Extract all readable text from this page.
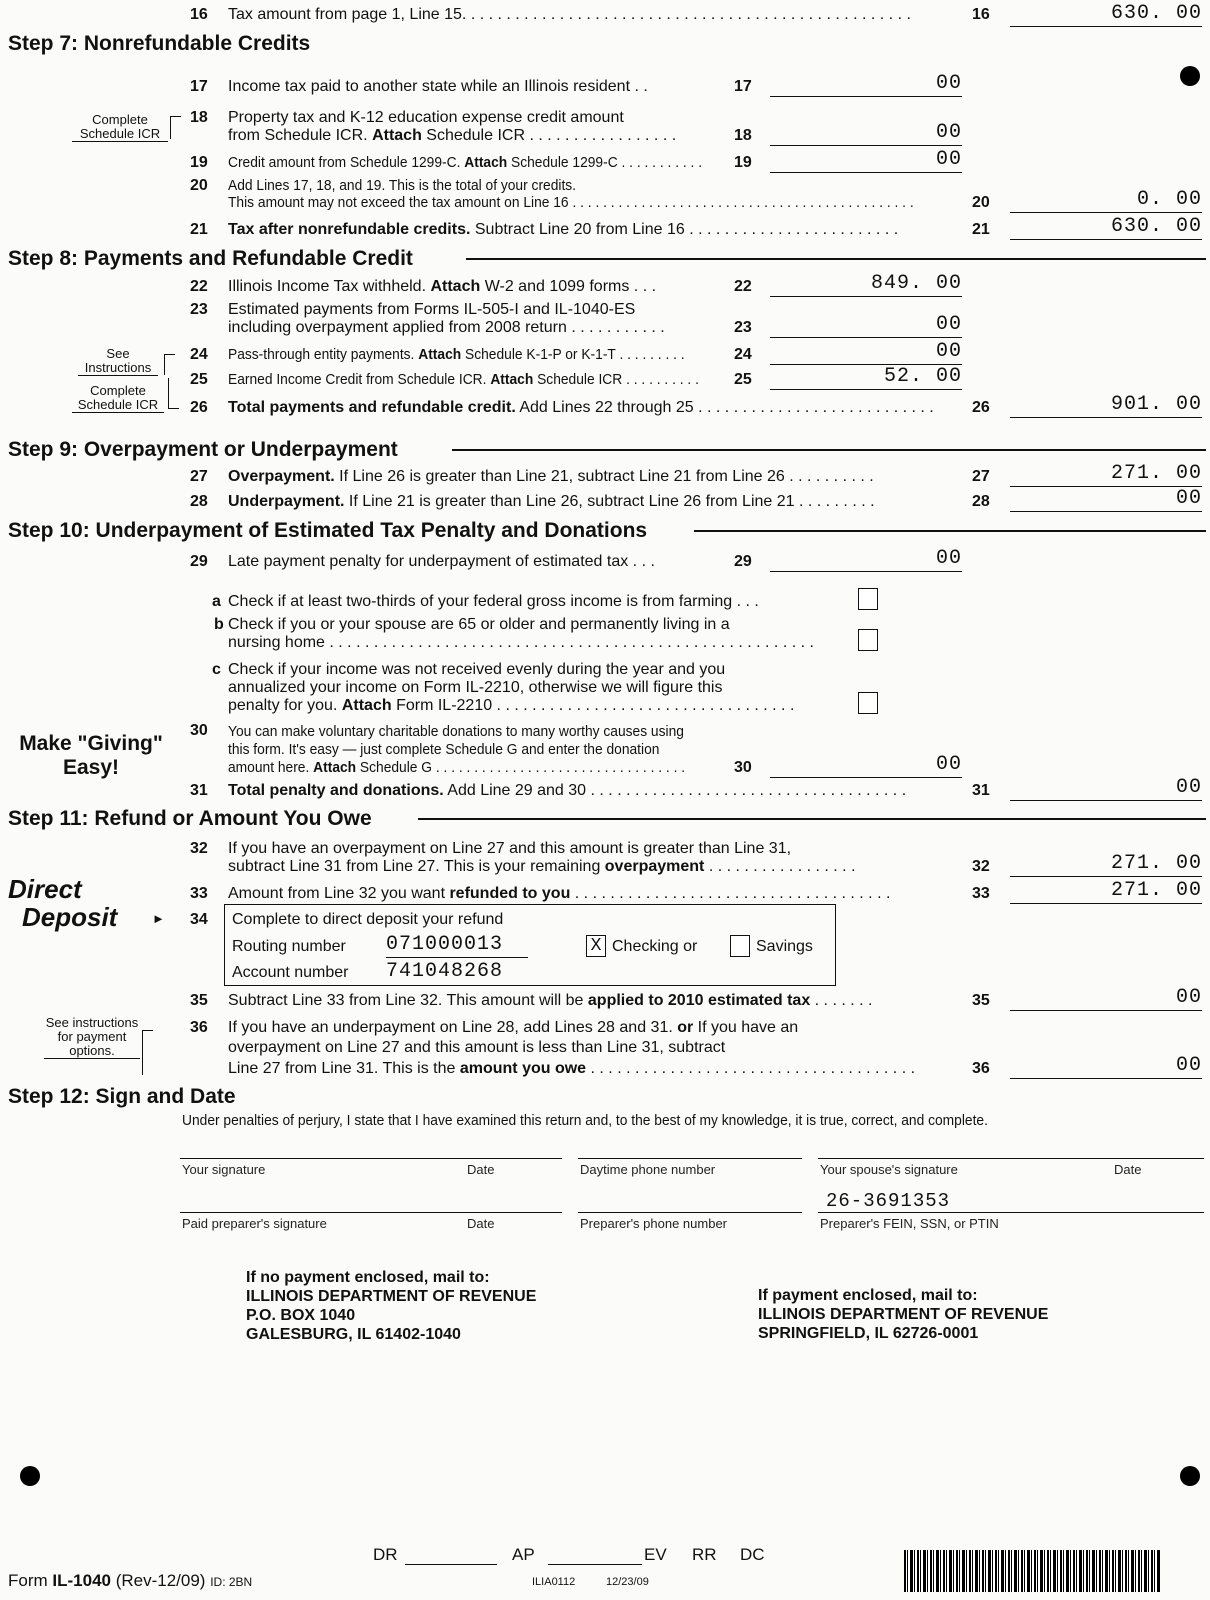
16 Tax amount from page 1, Line 15. . . . . . . . . . . . . . . . . . . . . . . . . . . . . . . . . . . . . . . . . . . . . . . . . . .	16	630. 00
Step 7: Nonrefundable Credits
17 Income tax paid to another state while an Illinois resident . .	17	00
Complete Schedule ICR
18 Property tax and K-12 education expense credit amount
from Schedule ICR. Attach Schedule ICR . . . . . . . . . . . . . . . . .	18	00
19 Credit amount from Schedule 1299-C. Attach Schedule 1299-C . . . . . . . . . . . 19	00
20 Add Lines 17, 18, and 19. This is the total of your credits.
This amount may not exceed the tax amount on Line 16 . . . . . . . . . . . . . . . . . . . . . . . . . . . . . . . . . . . . . . . . . . . . .	20	0. 00
21 Tax after nonrefundable credits. Subtract Line 20 from Line 16 . . . . . . . . . . . . . . . . . . . . . . . .	21	630. 00
Step 8: Payments and Refundable Credit
22 Illinois Income Tax withheld. Attach W-2 and 1099 forms . . .	22	849. 00
23 Estimated payments from Forms IL-505-I and IL-1040-ES
including overpayment applied from 2008 return . . . . . . . . . . .	23	00
See Instructions
24 Pass-through entity payments. Attach Schedule K-1-P or K-1-T . . . . . . . . .	24	00
Complete Schedule ICR
25 Earned Income Credit from Schedule ICR. Attach Schedule ICR . . . . . . . . . . 25	52. 00
26 Total payments and refundable credit. Add Lines 22 through 25 . . . . . . . . . . . . . . . . . . . . . . . . . . . 26	901. 00
Step 9: Overpayment or Underpayment
27 Overpayment. If Line 26 is greater than Line 21, subtract Line 21 from Line 26 . . . . . . . . . .	27	271. 00
28 Underpayment. If Line 21 is greater than Line 26, subtract Line 26 from Line 21 . . . . . . . . .	28	00
Step 10: Underpayment of Estimated Tax Penalty and Donations
29 Late payment penalty for underpayment of estimated tax . . .	29	00
a Check if at least two-thirds of your federal gross income is from farming . . .
b Check if you or your spouse are 65 or older and permanently living in a
nursing home . . . . . . . . . . . . . . . . . . . . . . . . . . . . . . . . . . . . . . . . . . . . . . . . . . . . . . .
c Check if your income was not received evenly during the year and you
annualized your income on Form IL-2210, otherwise we will figure this
penalty for you. Attach Form IL-2210 . . . . . . . . . . . . . . . . . . . . . . . . . . . . . . . . . .
Make "Giving" Easy!
30 You can make voluntary charitable donations to many worthy causes using
this form. It's easy — just complete Schedule G and enter the donation
amount here. Attach Schedule G . . . . . . . . . . . . . . . . . . . . . . . . . . . . . . . . .	30	00
31 Total penalty and donations. Add Line 29 and 30 . . . . . . . . . . . . . . . . . . . . . . . . . . . . . . . . . . . .	31	00
Step 11: Refund or Amount You Owe
32 If you have an overpayment on Line 27 and this amount is greater than Line 31,
subtract Line 31 from Line 27. This is your remaining overpayment . . . . . . . . . . . . . . . . .	32	271. 00
Direct
Deposit	►
33 Amount from Line 32 you want refunded to you . . . . . . . . . . . . . . . . . . . . . . . . . . . . . . . . . . . .	33	271. 00
34 Complete to direct deposit your refund
Routing number 071000013	X Checking or	Savings
Account number 741048268
35 Subtract Line 33 from Line 32. This amount will be applied to 2010 estimated tax . . . . . . .	35	00
See instructions for payment options.
36 If you have an underpayment on Line 28, add Lines 28 and 31. or If you have an
overpayment on Line 27 and this amount is less than Line 31, subtract
Line 27 from Line 31. This is the amount you owe . . . . . . . . . . . . . . . . . . . . . . . . . . . . . . . . . . . . .	36	00
Step 12: Sign and Date
Under penalties of perjury, I state that I have examined this return and, to the best of my knowledge, it is true, correct, and complete.
Your signature	Date	Daytime phone number	Your spouse's signature	Date
Paid preparer's signature	Date	Preparer's phone number
26-3691353
Preparer's FEIN, SSN, or PTIN
If no payment enclosed, mail to:
ILLINOIS DEPARTMENT OF REVENUE
P.O. BOX 1040
GALESBURG, IL 61402-1040
If payment enclosed, mail to:
ILLINOIS DEPARTMENT OF REVENUE
SPRINGFIELD, IL 62726-0001
Form IL-1040 (Rev-12/09) ID: 2BN
DR	AP	EV RR DC
ILIA0112	12/23/09
